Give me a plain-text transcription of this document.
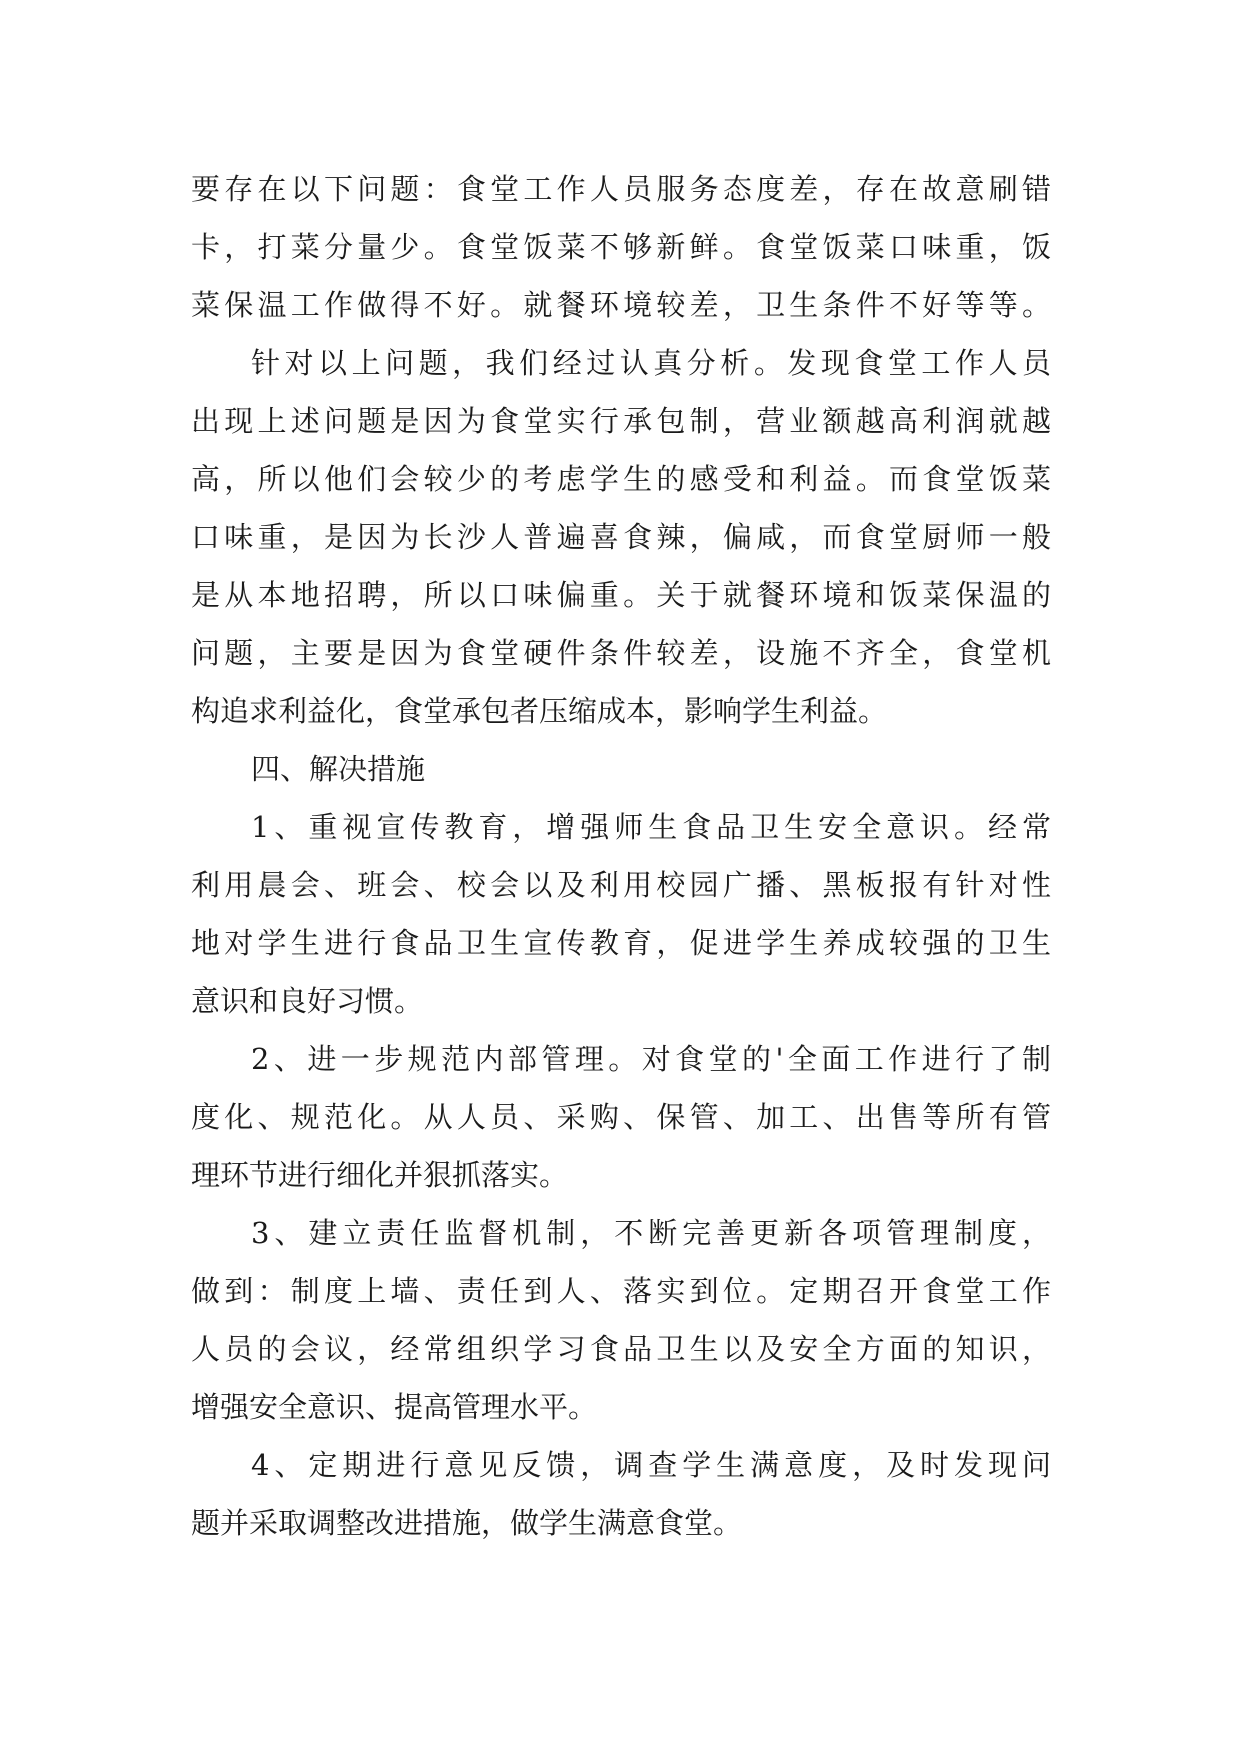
要存在以下问题：食堂工作人员服务态度差，存在故意刷错
卡，打菜分量少。食堂饭菜不够新鲜。食堂饭菜口味重，饭
菜保温工作做得不好。就餐环境较差，卫生条件不好等等。
针对以上问题，我们经过认真分析。发现食堂工作人员
出现上述问题是因为食堂实行承包制，营业额越高利润就越
高，所以他们会较少的考虑学生的感受和利益。而食堂饭菜
口味重，是因为长沙人普遍喜食辣，偏咸，而食堂厨师一般
是从本地招聘，所以口味偏重。关于就餐环境和饭菜保温的
问题，主要是因为食堂硬件条件较差，设施不齐全，食堂机
构追求利益化，食堂承包者压缩成本，影响学生利益。
四、解决措施
1、重视宣传教育，增强师生食品卫生安全意识。经常
利用晨会、班会、校会以及利用校园广播、黑板报有针对性
地对学生进行食品卫生宣传教育，促进学生养成较强的卫生
意识和良好习惯。
2、进一步规范内部管理。对食堂的'全面工作进行了制
度化、规范化。从人员、采购、保管、加工、出售等所有管
理环节进行细化并狠抓落实。
3、建立责任监督机制，不断完善更新各项管理制度，
做到：制度上墙、责任到人、落实到位。定期召开食堂工作
人员的会议，经常组织学习食品卫生以及安全方面的知识，
增强安全意识、提高管理水平。
4、定期进行意见反馈，调查学生满意度，及时发现问
题并采取调整改进措施，做学生满意食堂。
